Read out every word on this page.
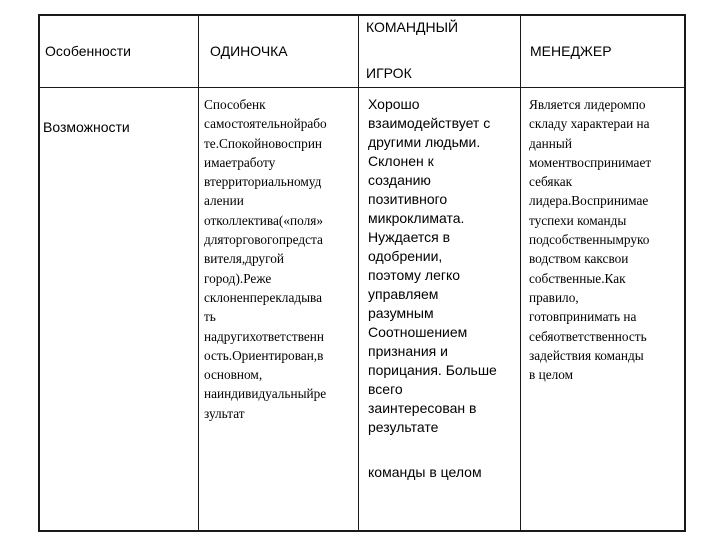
Особенности	ОДИНОЧКА
КОМАНДНЫЙ
ИГРОК
МЕНЕДЖЕР
Возможности
Способенк
самостоятельнойрабо
те.Спокойновосприн
имаетработу
втерриториальномуд
алении
отколлектива(«поля»
дляторговогопредста
вителя,другой
город).Реже
склоненперекладыва
ть
надругихответственн
ость.Ориентирован,в
основном,
наиндивидуальныйре
зультат
Хорошо
взаимодействует с
другими людьми.
Склонен к
созданию
позитивного
микроклимата.
Нуждается в
одобрении,
поэтому легко
управляем
разумным
Соотношением
признания и
порицания. Больше
всего
заинтересован в
результате
команды в целом
Является лидеромпо
складу характераи на
данный
моментвоспринимает
себякак
лидера.Воспринимае
туспехи команды
подсобственнымруко
водством каксвои
собственные.Как
правило,
готовпринимать на
себяответственность
задействия команды
в целом
